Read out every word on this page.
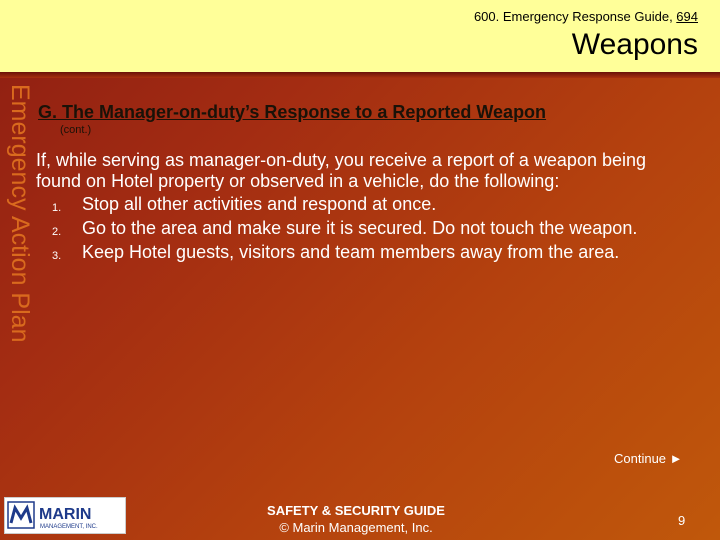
600. Emergency Response Guide, 694
Weapons
Emergency Action Plan G. The Manager-on-duty’s Response to a Reported Weapon
(cont.)

If, while serving as manager-on-duty, you receive a report of a weapon being found on Hotel property or observed in a vehicle, do the following:

1. Stop all other activities and respond at once.
2. Go to the area and make sure it is secured. Do not touch the weapon.
3. Keep Hotel guests, visitors and team members away from the area.
Continue ►
MARIN
MANAGEMENT, INC.
SAFETY & SECURITY GUIDE
© Marin Management, Inc.	9
